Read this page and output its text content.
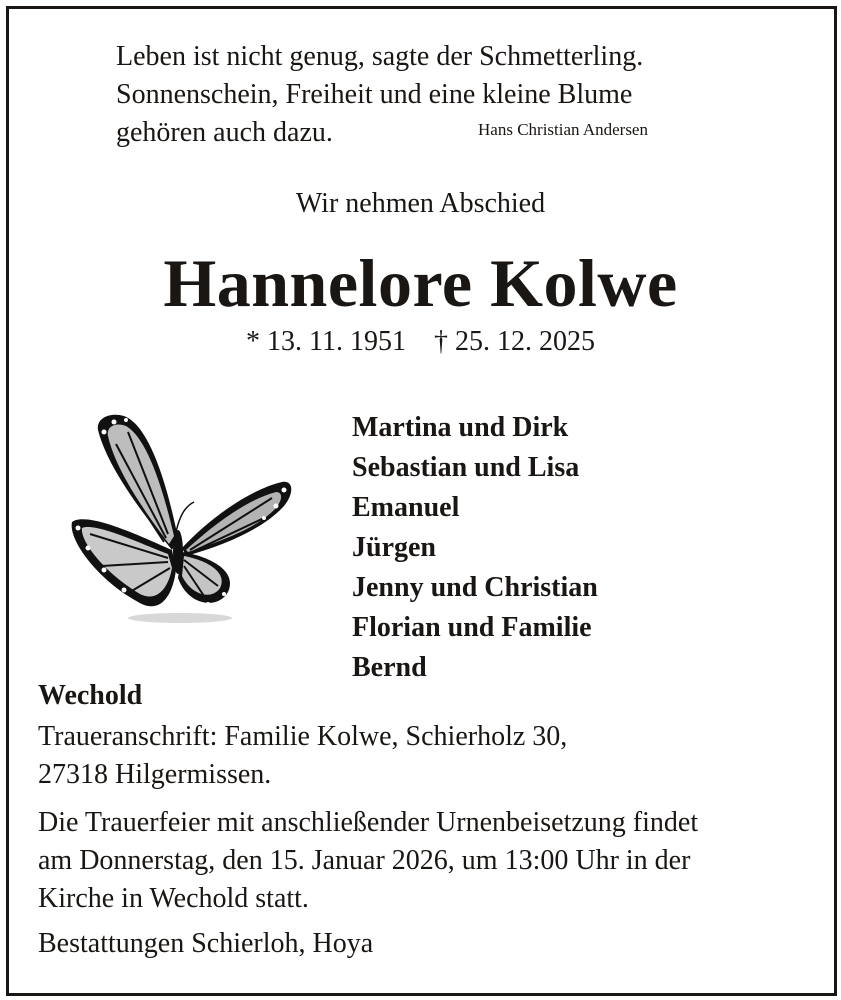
Leben ist nicht genug, sagte der Schmetterling.
Sonnenschein, Freiheit und eine kleine Blume
gehören auch dazu.	Hans Christian Andersen
Wir nehmen Abschied
Hannelore Kolwe
* 13. 11. 1951    † 25. 12. 2025
Martina und Dirk
Sebastian und Lisa
Emanuel
Jürgen
Jenny und Christian
Florian und Familie
Bernd
Wechold
Traueranschrift: Familie Kolwe, Schierholz 30,
27318 Hilgermissen.
Die Trauerfeier mit anschließender Urnenbeisetzung findet
am Donnerstag, den 15. Januar 2026, um 13:00 Uhr in der
Kirche in Wechold statt.
Bestattungen Schierloh, Hoya
